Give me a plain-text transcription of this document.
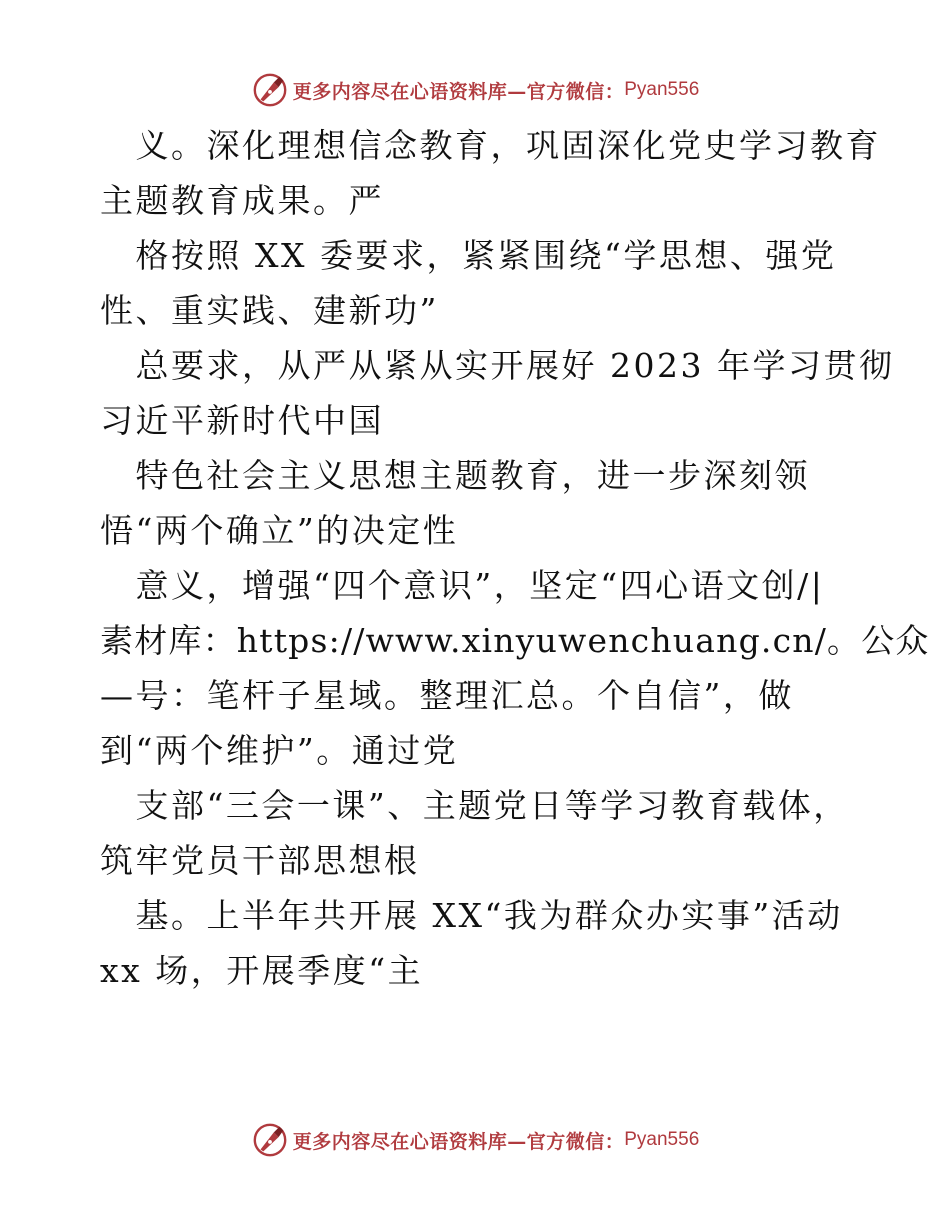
更多内容尽在心语资料库—官方微信： Pyan556
　义。深化理想信念教育，巩固深化党史学习教育
主题教育成果。严
　格按照 XX 委要求，紧紧围绕“学思想、强党
性、重实践、建新功”
　总要求，从严从紧从实开展好 2023 年学习贯彻
习近平新时代中国
　特色社会主义思想主题教育，进一步深刻领
悟“两个确立”的决定性
　意义，增强“四个意识”，坚定“四心语文创/|
素材库：https://www.xinyuwenchuang.cn/。公众
—号：笔杆子星域。整理汇总。个自信”，做
到“两个维护”。通过党
　支部“三会一课”、主题党日等学习教育载体，
筑牢党员干部思想根
　基。上半年共开展 XX“我为群众办实事”活动
xx 场，开展季度“主
更多内容尽在心语资料库—官方微信： Pyan556
